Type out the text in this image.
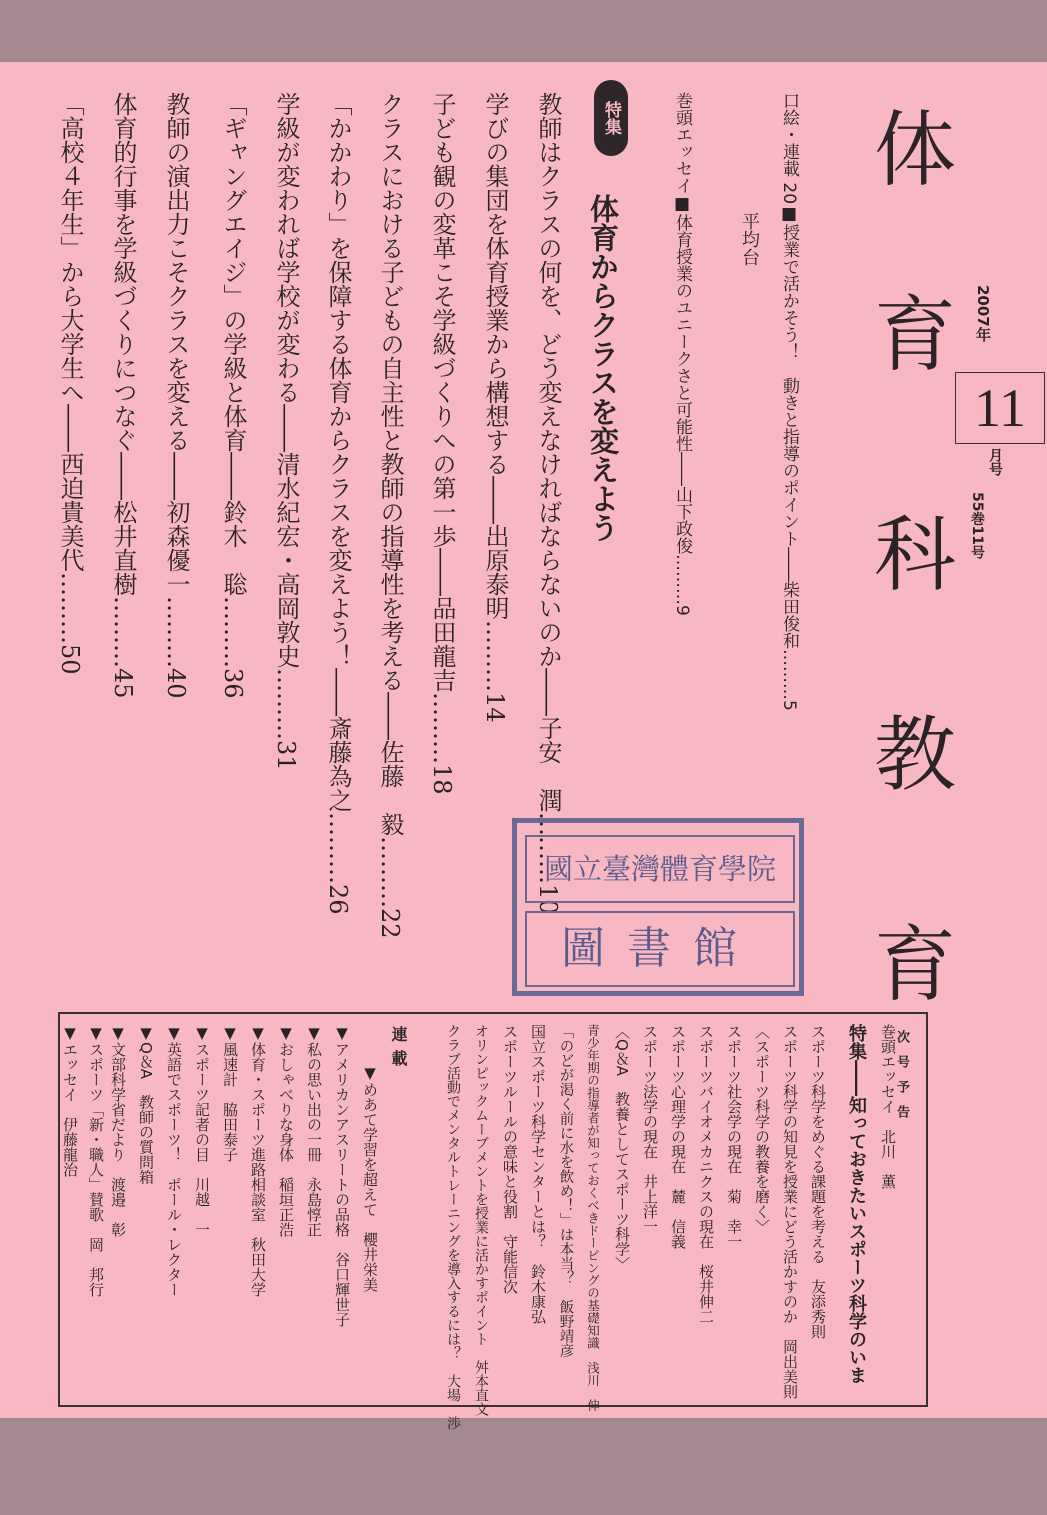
体
育
科
教
育
2007年
11
月号
55巻11号
口絵・連載 20■授業で活かそう！　動きと指導のポイント――柴田俊和………5
平均台
巻頭エッセイ■体育授業のユニークさと可能性――山下政俊………9
特集
体育からクラスを変えよう
教師はクラスの何を、どう変えなければならないのか――子安　潤………10
学びの集団を体育授業から構想する――出原泰明………14
子ども観の変革こそ学級づくりへの第一歩――品田龍吉………18
クラスにおける子どもの自主性と教師の指導性を考える――佐藤　毅………22
「かかわり」を保障する体育からクラスを変えよう！――斎藤為之………26
学級が変われば学校が変わる――清水紀宏・高岡敦史………31
「ギャングエイジ」の学級と体育――鈴木　聡………36
教師の演出力こそクラスを変える――初森優一………40
体育的行事を学級づくりにつなぐ――松井直樹………45
「高校４年生」から大学生へ――西迫貴美代………50
國立臺灣體育學院
圖書館
次号予告
巻頭エッセイ　北川　薫
特集――知っておきたいスポーツ科学のいま
スポーツ科学をめぐる課題を考える　友添秀則
スポーツ科学の知見を授業にどう活かすのか　岡出美則
〈スポーツ科学の教養を磨く〉
スポーツ社会学の現在　菊　幸一
スポーツバイオメカニクスの現在　桜井伸二
スポーツ心理学の現在　麓　信義
スポーツ法学の現在　井上洋一
〈Q＆A　教養としてスポーツ科学〉
青少年期の指導者が知っておくべきドーピングの基礎知識　浅川　伸
「のどが渇く前に水を飲め！」は本当？　飯野靖彦
国立スポーツ科学センターとは？　鈴木康弘
スポーツルールの意味と役割　守能信次
オリンピックムーブメントを授業に活かすポイント　舛本直文
クラブ活動でメンタルトレーニングを導入するには？　大場　渉
連載
▼めあて学習を超えて　櫻井栄美
▼アメリカンアスリートの品格　谷口輝世子
▼私の思い出の一冊　永島惇正
▼おしゃべりな身体　稲垣正浩
▼体育・スポーツ進路相談室　秋田大学
▼風速計　脇田泰子
▼スポーツ記者の目　川越　一
▼英語でスポーツ！　ポール・レクター
▼Q＆A　教師の質問箱
▼文部科学省だより　渡邉　彰
▼スポーツ「新・職人」賛歌　岡　邦行
▼エッセイ　伊藤龍治
